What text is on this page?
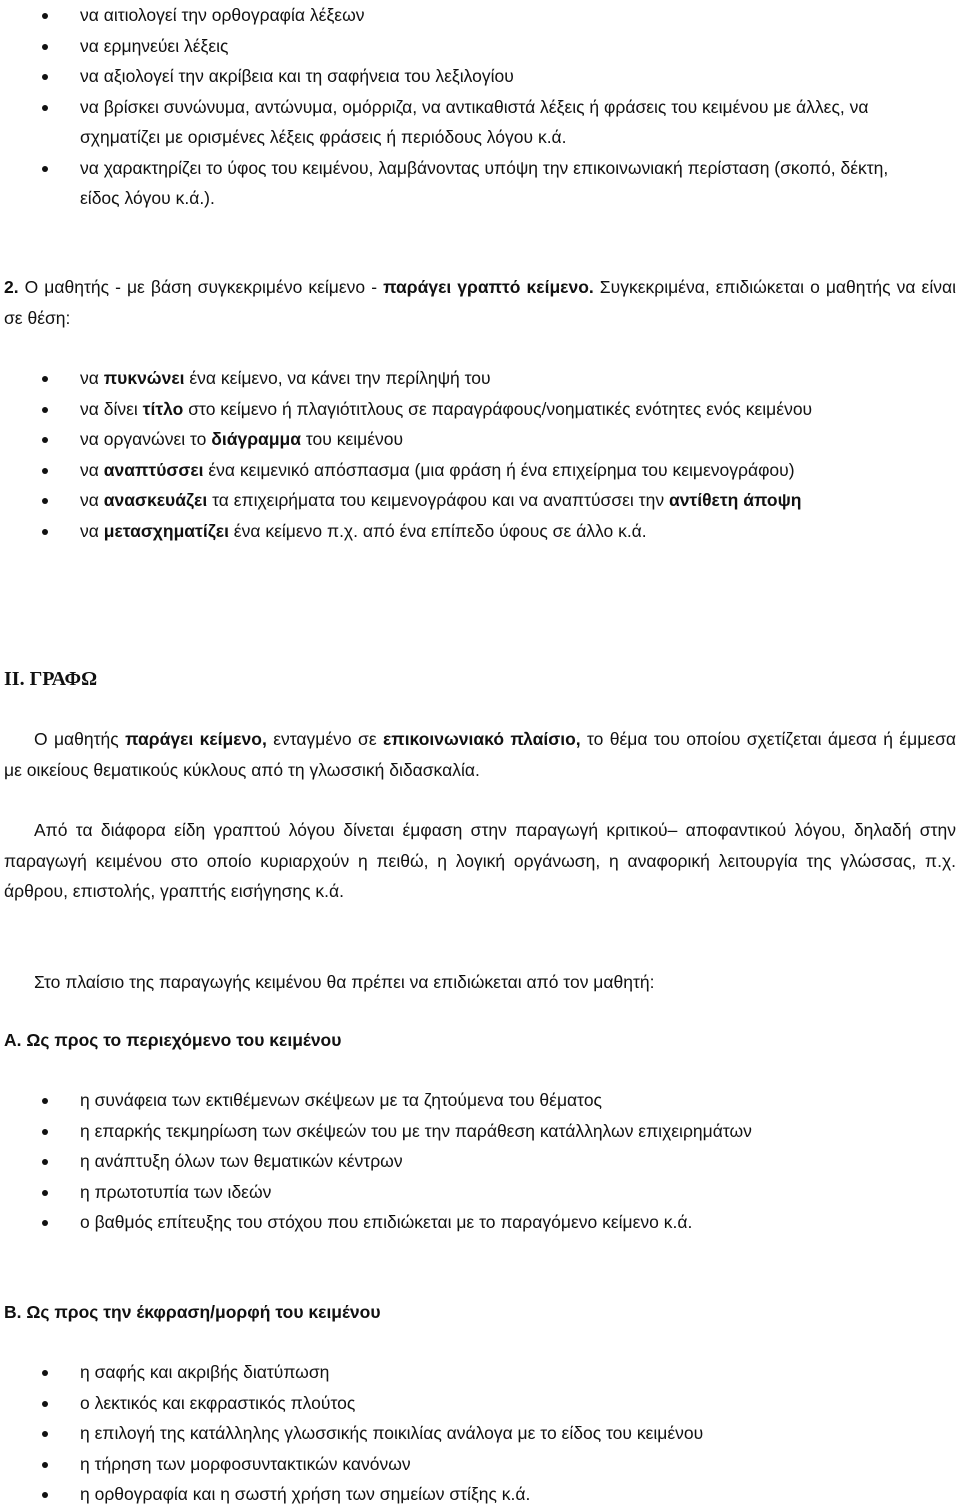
να αιτιολογεί την ορθογραφία λέξεων
να ερμηνεύει λέξεις
να αξιολογεί την ακρίβεια και τη σαφήνεια του λεξιλογίου
να βρίσκει συνώνυμα, αντώνυμα, ομόρριζα, να αντικαθιστά λέξεις ή φράσεις του κειμένου με άλλες, να σχηματίζει με ορισμένες λέξεις φράσεις ή περιόδους λόγου κ.ά.
να χαρακτηρίζει το ύφος του κειμένου, λαμβάνοντας υπόψη την επικοινωνιακή περίσταση (σκοπό, δέκτη, είδος λόγου κ.ά.).
2. Ο μαθητής - με βάση συγκεκριμένο κείμενο - παράγει γραπτό κείμενο. Συγκεκριμένα, επιδιώκεται ο μαθητής να είναι σε θέση:
να πυκνώνει ένα κείμενο, να κάνει την περίληψή του
να δίνει τίτλο στο κείμενο ή πλαγιότιτλους σε παραγράφους/νοηματικές ενότητες ενός κειμένου
να οργανώνει το διάγραμμα του κειμένου
να αναπτύσσει ένα κειμενικό απόσπασμα (μια φράση ή ένα επιχείρημα του κειμενογράφου)
να ανασκευάζει τα επιχειρήματα του κειμενογράφου και να αναπτύσσει την αντίθετη άποψη
να μετασχηματίζει ένα κείμενο π.χ. από ένα επίπεδο ύφους σε άλλο κ.ά.
ΙΙ. ΓΡΑΦΩ
Ο μαθητής παράγει κείμενο, ενταγμένο σε επικοινωνιακό πλαίσιο, το θέμα του οποίου σχετίζεται άμεσα ή έμμεσα με οικείους θεματικούς κύκλους από τη γλωσσική διδασκαλία.
Από τα διάφορα είδη γραπτού λόγου δίνεται έμφαση στην παραγωγή κριτικού– αποφαντικού λόγου, δηλαδή στην παραγωγή κειμένου στο οποίο κυριαρχούν η πειθώ, η λογική οργάνωση, η αναφορική λειτουργία της γλώσσας, π.χ. άρθρου, επιστολής, γραπτής εισήγησης κ.ά.
Στο πλαίσιο της παραγωγής κειμένου θα πρέπει να επιδιώκεται από τον μαθητή:
Α. Ως προς το περιεχόμενο του κειμένου
η συνάφεια των εκτιθέμενων σκέψεων με τα ζητούμενα του θέματος
η επαρκής τεκμηρίωση των σκέψεών του με την παράθεση κατάλληλων επιχειρημάτων
η ανάπτυξη όλων των θεματικών κέντρων
η πρωτοτυπία των ιδεών
ο βαθμός επίτευξης του στόχου που επιδιώκεται με το παραγόμενο κείμενο κ.ά.
Β. Ως προς την έκφραση/μορφή του κειμένου
η σαφής και ακριβής διατύπωση
ο λεκτικός και εκφραστικός πλούτος
η επιλογή της κατάλληλης γλωσσικής ποικιλίας ανάλογα με το είδος του κειμένου
η τήρηση των μορφοσυντακτικών κανόνων
η ορθογραφία και η σωστή χρήση των σημείων στίξης κ.ά.
